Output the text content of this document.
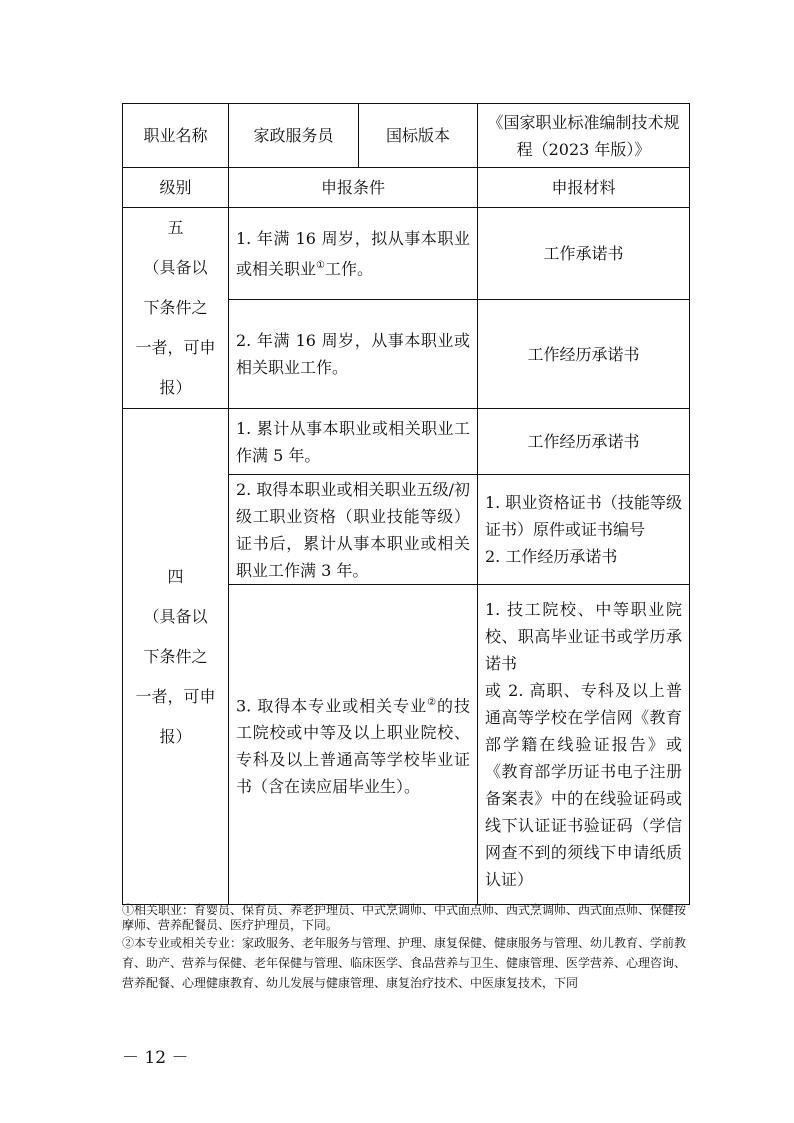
职业名称	家政服务员	国标版本	《国家职业标准编制技术规程（2023 年版）》
级别	申报条件		申报材料

五
（具备以
下条件之
一者，可申
报）	1. 年满 16 周岁，拟从事本职业或相关职业①工作。		工作承诺书
	2. 年满 16 周岁，从事本职业或相关职业工作。		工作经历承诺书

四
（具备以
下条件之
一者，可申
报）	1. 累计从事本职业或相关职业工作满 5 年。		工作经历承诺书
	2. 取得本职业或相关职业五级/初级工职业资格（职业技能等级）证书后，累计从事本职业或相关职业工作满 3 年。		1. 职业资格证书（技能等级证书）原件或证书编号
2. 工作经历承诺书

	3. 取得本专业或相关专业②的技工院校或中等及以上职业院校、专科及以上普通高等学校毕业证书（含在读应届毕业生）。		1. 技工院校、中等职业院校、职高毕业证书或学历承诺书
或 2. 高职、专科及以上普通高等学校在学信网《教育部学籍在线验证报告》或《教育部学历证书电子注册备案表》中的在线验证码或线下认证证书验证码（学信网查不到的须线下申请纸质认证）

①相关职业：育婴员、保育员、养老护理员、中式烹调师、中式面点师、西式烹调师、西式面点师、保健按摩师、营养配餐员、医疗护理员，下同。

②本专业或相关专业：家政服务、老年服务与管理、护理、康复保健、健康服务与管理、幼儿教育、学前教育、助产、营养与保健、老年保健与管理、临床医学、食品营养与卫生、健康管理、医学营养、心理咨询、营养配餐、心理健康教育、幼儿发展与健康管理、康复治疗技术、中医康复技术，下同

－ 12 －
